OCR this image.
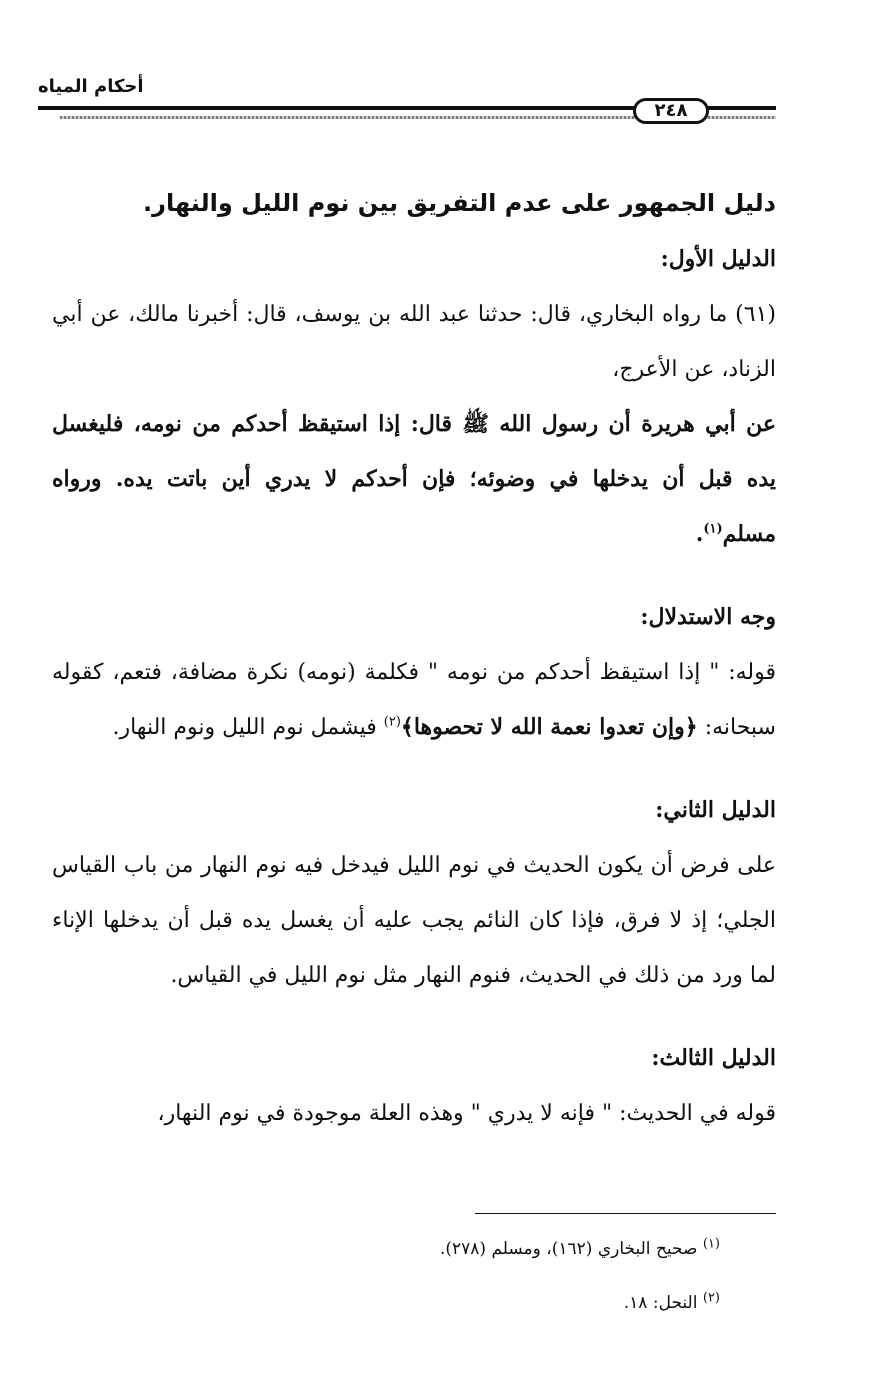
أحكام المياه
٢٤٨

دليل الجمهور على عدم التفريق بين نوم الليل والنهار.

الدليل الأول:

(٦١) ما رواه البخاري، قال: حدثنا عبد الله بن يوسف، قال: أخبرنا مالك، عن أبي الزناد، عن الأعرج،

عن أبي هريرة أن رسول الله ﷺ قال: إذا استيقظ أحدكم من نومه، فليغسل يده قبل أن يدخلها في وضوئه؛ فإن أحدكم لا يدري أين باتت يده. ورواه مسلم$^{(١)}$.

وجه الاستدلال:

قوله: " إذا استيقظ أحدكم من نومه " فكلمة (نومه) نكرة مضافة، فتعم، كقوله سبحانه: ﴿وإن تعدوا نعمة الله لا تحصوها﴾$^{(٢)}$ فيشمل نوم الليل ونوم النهار.

الدليل الثاني:

على فرض أن يكون الحديث في نوم الليل فيدخل فيه نوم النهار من باب القياس الجلي؛ إذ لا فرق، فإذا كان النائم يجب عليه أن يغسل يده قبل أن يدخلها الإناء لما ورد من ذلك في الحديث، فنوم النهار مثل نوم الليل في القياس.

الدليل الثالث:

قوله في الحديث: " فإنه لا يدري " وهذه العلة موجودة في نوم النهار،

$^{(١)}$ صحيح البخاري (١٦٢)، ومسلم (٢٧٨).

$^{(٢)}$ النحل: ١٨.
